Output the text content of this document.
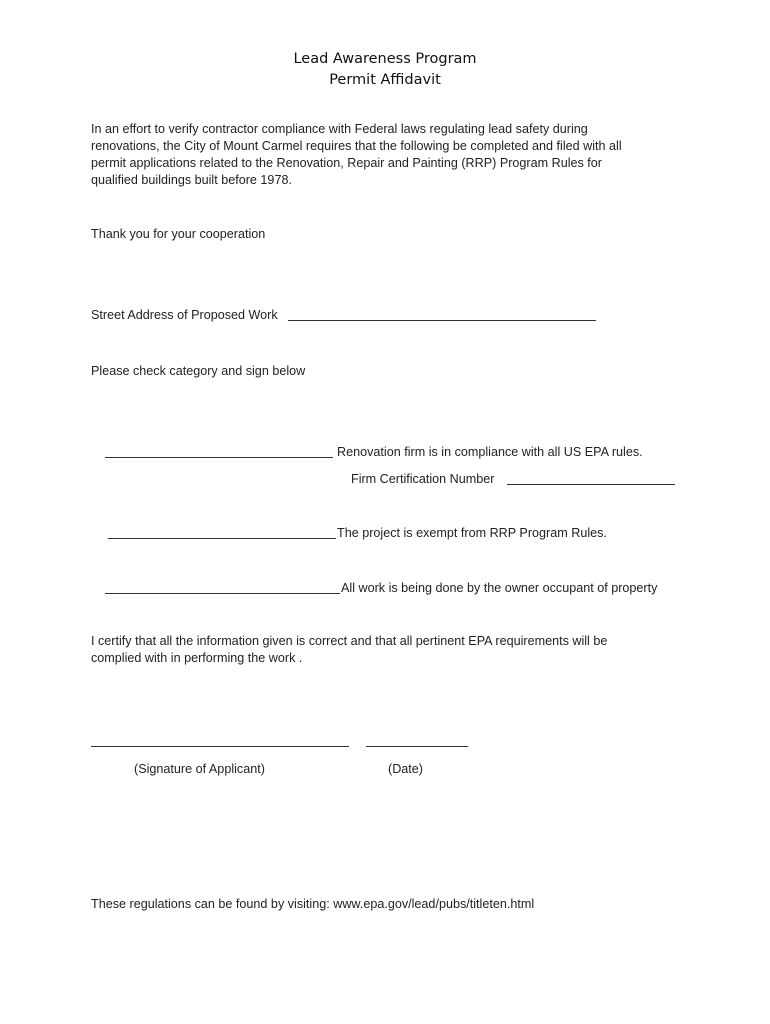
Lead Awareness Program
Permit Affidavit
In an effort to verify contractor compliance with Federal laws regulating lead safety during
renovations, the City of Mount Carmel requires that the following be completed and filed with all
permit applications related to the Renovation, Repair and Painting (RRP) Program Rules for
qualified buildings built before 1978.
Thank you for your cooperation
Street Address of Proposed Work
Please check category and sign below
Renovation firm is in compliance with all US EPA rules.
Firm Certification Number
The project is exempt from RRP Program Rules.
All work is being done by the owner occupant of property
I certify that all the information given is correct and that all pertinent EPA requirements will be
complied with in performing the work .
(Signature of Applicant)	(Date)
These regulations can be found by visiting: www.epa.gov/lead/pubs/titleten.html
